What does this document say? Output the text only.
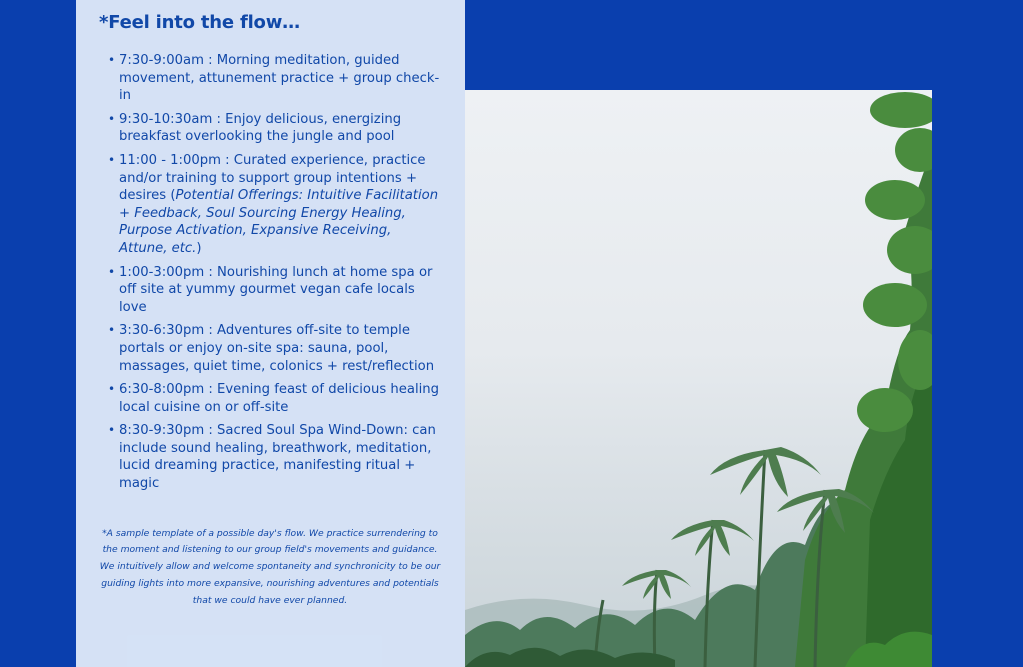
*Feel into the flow…
• 7:30-9:00am : Morning meditation, guided movement, attunement practice + group check-in
• 9:30-10:30am : Enjoy delicious, energizing breakfast overlooking the jungle and pool
• 11:00 - 1:00pm : Curated experience, practice and/or training to support group intentions + desires (Potential Offerings: Intuitive Facilitation + Feedback, Soul Sourcing Energy Healing, Purpose Activation, Expansive Receiving, Attune, etc.)
• 1:00-3:00pm : Nourishing lunch at home spa or off site at yummy gourmet vegan cafe locals love
• 3:30-6:30pm : Adventures off-site to temple portals or enjoy on-site spa: sauna, pool, massages, quiet time, colonics + rest/reflection
• 6:30-8:00pm : Evening feast of delicious healing local cuisine on or off-site
• 8:30-9:30pm : Sacred Soul Spa Wind-Down: can include sound healing, breathwork, meditation, lucid dreaming practice, manifesting ritual + magic

*A sample template of a possible day's flow. We practice surrendering to the moment and listening to our group field's movements and guidance. We intuitively allow and welcome spontaneity and synchronicity to be our guiding lights into more expansive, nourishing adventures and potentials that we could have ever planned.
